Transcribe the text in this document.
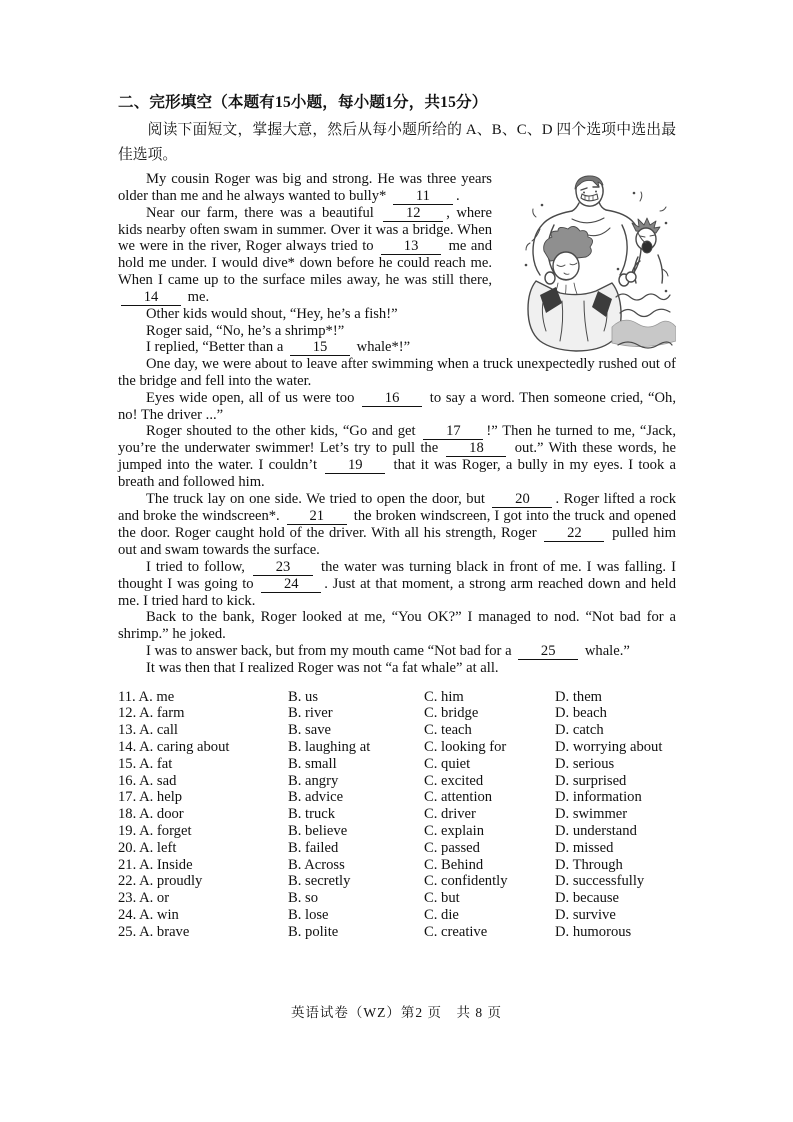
二、完形填空（本题有15小题，每小题1分，共15分）

阅读下面短文，掌握大意，然后从每小题所给的 A、B、C、D 四个选项中选出最佳选项。

My cousin Roger was big and strong. He was three years older than me and he always wanted to bully* 11 .

Near our farm, there was a beautiful 12 , where kids nearby often swam in summer. Over it was a bridge. When we were in the river, Roger always tried to 13 me and hold me under. I would dive* down before he could reach me. When I came up to the surface miles away, he was still there, 14 me.

Other kids would shout, “Hey, he’s a fish!”

Roger said, “No, he’s a shrimp*!”

I replied, “Better than a 15 whale*!”

One day, we were about to leave after swimming when a truck unexpectedly rushed out of the bridge and fell into the water.

Eyes wide open, all of us were too 16 to say a word. Then someone cried, “Oh, no! The driver ...”

Roger shouted to the other kids, “Go and get 17 !” Then he turned to me, “Jack, you’re the underwater swimmer! Let’s try to pull the 18 out.” With these words, he jumped into the water. I couldn’t 19 that it was Roger, a bully in my eyes. I took a breath and followed him.

The truck lay on one side. We tried to open the door, but 20 . Roger lifted a rock and broke the windscreen*. 21 the broken windscreen, I got into the truck and opened the door. Roger caught hold of the driver. With all his strength, Roger 22 pulled him out and swam towards the surface.

I tried to follow, 23 the water was turning black in front of me. I was falling. I thought I was going to 24 . Just at that moment, a strong arm reached down and held me. I tried hard to kick.

Back to the bank, Roger looked at me, “You OK?” I managed to nod. “Not bad for a shrimp.” he joked.

I was to answer back, but from my mouth came “Not bad for a 25 whale.”

It was then that I realized Roger was not “a fat whale” at all.

11. A. me	B. us	C. him	D. them
12. A. farm	B. river	C. bridge	D. beach
13. A. call	B. save	C. teach	D. catch
14. A. caring about	B. laughing at	C. looking for	D. worrying about
15. A. fat	B. small	C. quiet	D. serious
16. A. sad	B. angry	C. excited	D. surprised
17. A. help	B. advice	C. attention	D. information
18. A. door	B. truck	C. driver	D. swimmer
19. A. forget	B. believe	C. explain	D. understand
20. A. left	B. failed	C. passed	D. missed
21. A. Inside	B. Across	C. Behind	D. Through
22. A. proudly	B. secretly	C. confidently	D. successfully
23. A. or	B. so	C. but	D. because
24. A. win	B. lose	C. die	D. survive
25. A. brave	B. polite	C. creative	D. humorous
英语试卷（WZ）第2 页　共 8 页
